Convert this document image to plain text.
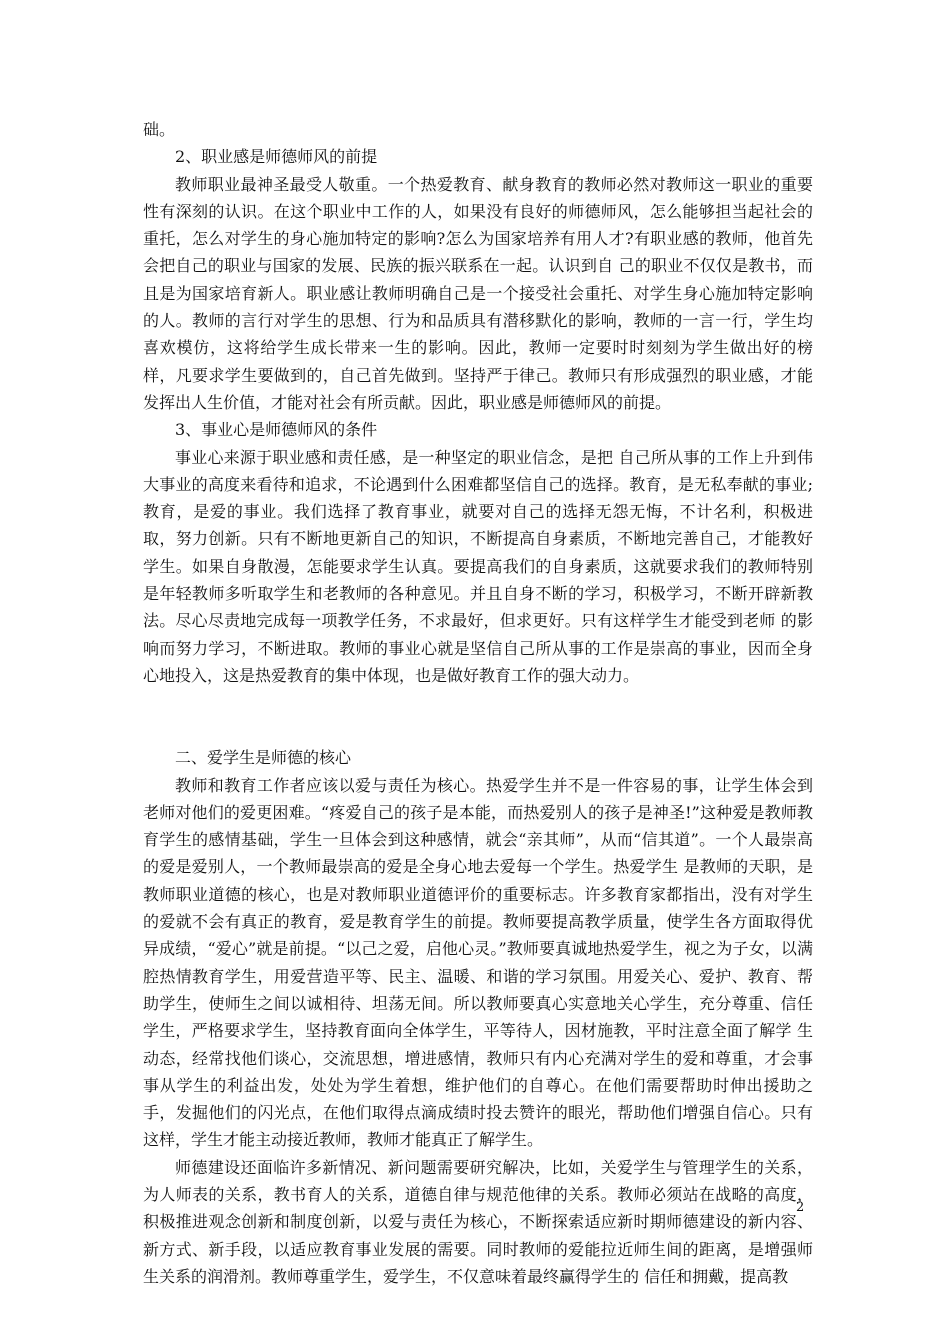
础。

2、职业感是师德师风的前提

教师职业最神圣最受人敬重。一个热爱教育、献身教育的教师必然对教师这一职业的重要性有深刻的认识。在这个职业中工作的人，如果没有良好的师德师风，怎么能够担当起社会的重托，怎么对学生的身心施加特定的影响?怎么为国家培养有用人才?有职业感的教师，他首先会把自己的职业与国家的发展、民族的振兴联系在一起。认识到自 己的职业不仅仅是教书，而且是为国家培育新人。职业感让教师明确自己是一个接受社会重托、对学生身心施加特定影响的人。教师的言行对学生的思想、行为和品质具有潜移默化的影响，教师的一言一行，学生均喜欢模仿，这将给学生成长带来一生的影响。因此，教师一定要时时刻刻为学生做出好的榜样，凡要求学生要做到的，自己首先做到。坚持严于律己。教师只有形成强烈的职业感，才能发挥出人生价值，才能对社会有所贡献。因此，职业感是师德师风的前提。

3、事业心是师德师风的条件

事业心来源于职业感和责任感，是一种坚定的职业信念，是把 自己所从事的工作上升到伟大事业的高度来看待和追求，不论遇到什么困难都坚信自己的选择。教育，是无私奉献的事业;教育，是爱的事业。我们选择了教育事业，就要对自己的选择无怨无悔，不计名利，积极进取，努力创新。只有不断地更新自己的知识，不断提高自身素质，不断地完善自己，才能教好学生。如果自身散漫，怎能要求学生认真。要提高我们的自身素质，这就要求我们的教师特别是年轻教师多听取学生和老教师的各种意见。并且自身不断的学习，积极学习，不断开辟新教法。尽心尽责地完成每一项教学任务，不求最好，但求更好。只有这样学生才能受到老师 的影响而努力学习，不断进取。教师的事业心就是坚信自己所从事的工作是崇高的事业，因而全身心地投入，这是热爱教育的集中体现，也是做好教育工作的强大动力。

二、爱学生是师德的核心

教师和教育工作者应该以爱与责任为核心。热爱学生并不是一件容易的事，让学生体会到老师对他们的爱更困难。“疼爱自己的孩子是本能，而热爱别人的孩子是神圣!”这种爱是教师教育学生的感情基础，学生一旦体会到这种感情，就会“亲其师”，从而“信其道”。一个人最崇高的爱是爱别人，一个教师最崇高的爱是全身心地去爱每一个学生。热爱学生 是教师的天职，是教师职业道德的核心，也是对教师职业道德评价的重要标志。许多教育家都指出，没有对学生的爱就不会有真正的教育，爱是教育学生的前提。教师要提高教学质量，使学生各方面取得优异成绩，“爱心”就是前提。“以己之爱，启他心灵。”教师要真诚地热爱学生，视之为子女，以满腔热情教育学生，用爱营造平等、民主、温暖、和谐的学习氛围。用爱关心、爱护、教育、帮助学生，使师生之间以诚相待、坦荡无间。所以教师要真心实意地关心学生，充分尊重、信任学生，严格要求学生，坚持教育面向全体学生，平等待人，因材施教，平时注意全面了解学 生动态，经常找他们谈心，交流思想，增进感情，教师只有内心充满对学生的爱和尊重，才会事事从学生的利益出发，处处为学生着想，维护他们的自尊心。在他们需要帮助时伸出援助之手，发掘他们的闪光点，在他们取得点滴成绩时投去赞许的眼光，帮助他们增强自信心。只有这样，学生才能主动接近教师，教师才能真正了解学生。

师德建设还面临许多新情况、新问题需要研究解决，比如，关爱学生与管理学生的关系，为人师表的关系，教书育人的关系，道德自律与规范他律的关系。教师必须站在战略的高度，积极推进观念创新和制度创新，以爱与责任为核心，不断探索适应新时期师德建设的新内容、新方式、新手段，以适应教育事业发展的需要。同时教师的爱能拉近师生间的距离，是增强师生关系的润滑剂。教师尊重学生，爱学生，不仅意味着最终赢得学生的 信任和拥戴，提高教

2
